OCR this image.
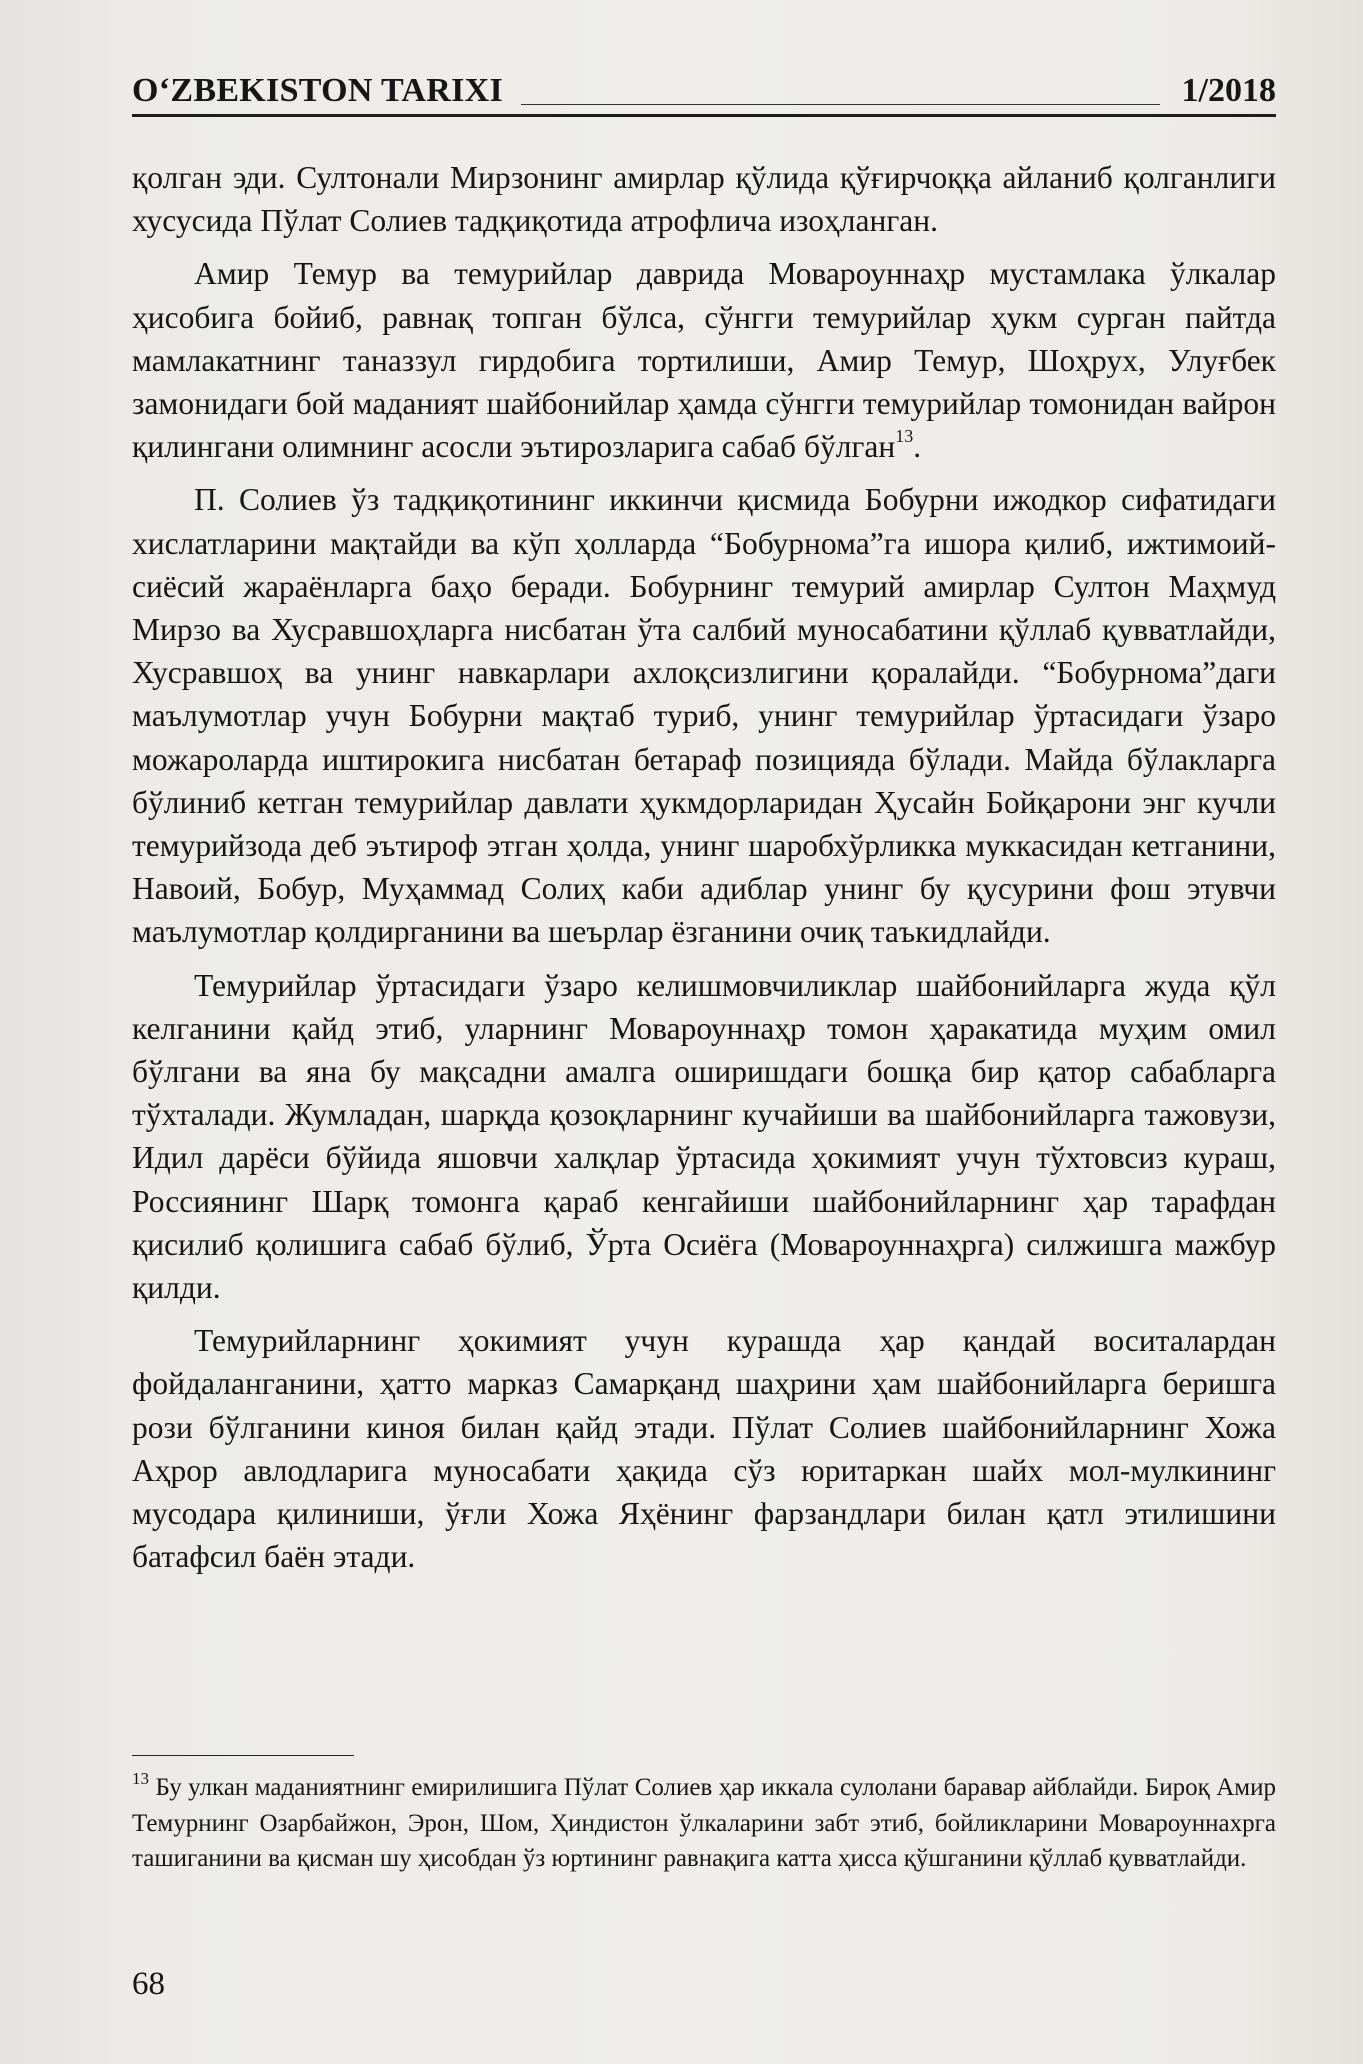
O‘ZBEKISTON TARIXI	1/2018

қолган эди. Султонали Мирзонинг амирлар қўлида қўғирчоққа айланиб қолганлиги хусусида Пўлат Солиев тадқиқотида атрофлича изоҳланган.

Амир Темур ва темурийлар даврида Мовароуннаҳр мустамлака ўлкалар ҳисобига бойиб, равнақ топган бўлса, сўнгги темурийлар ҳукм сурган пайтда мамлакатнинг таназзул гирдобига тортилиши, Амир Темур, Шоҳрух, Улуғбек замонидаги бой маданият шайбонийлар ҳамда сўнгги темурийлар томонидан вайрон қилингани олимнинг асосли эътирозларига сабаб бўлган$^{13}$.

П. Солиев ўз тадқиқотининг иккинчи қисмида Бобурни ижодкор сифатидаги хислатларини мақтайди ва кўп ҳолларда “Бобурнома”га ишора қилиб, ижтимоий-сиёсий жараёнларга баҳо беради. Бобурнинг темурий амирлар Султон Маҳмуд Мирзо ва Хусравшоҳларга нисбатан ўта салбий муносабатини қўллаб қувватлайди, Хусравшоҳ ва унинг навкарлари ахлоқсизлигини қоралайди. “Бобурнома”даги маълумотлар учун Бобурни мақтаб туриб, унинг темурийлар ўртасидаги ўзаро можароларда иштирокига нисбатан бетараф позицияда бўлади. Майда бўлакларга бўлиниб кетган темурийлар давлати ҳукмдорларидан Ҳусайн Бойқарони энг кучли темурийзода деб эътироф этган ҳолда, унинг шаробхўрликка муккасидан кетганини, Навоий, Бобур, Муҳаммад Солиҳ каби адиблар унинг бу қусурини фош этувчи маълумотлар қолдирганини ва шеърлар ёзганини очиқ таъкидлайди.

Темурийлар ўртасидаги ўзаро келишмовчиликлар шайбонийларга жуда қўл келганини қайд этиб, уларнинг Мовароуннаҳр томон ҳаракатида муҳим омил бўлгани ва яна бу мақсадни амалга оширишдаги бошқа бир қатор сабабларга тўхталади. Жумладан, шарқда қозоқларнинг кучайиши ва шайбонийларга тажовузи, Идил дарёси бўйида яшовчи халқлар ўртасида ҳокимият учун тўхтовсиз кураш, Россиянинг Шарқ томонга қараб кенгайиши шайбонийларнинг ҳар тарафдан қисилиб қолишига сабаб бўлиб, Ўрта Осиёга (Мовароуннаҳрга) силжишга мажбур қилди.

Темурийларнинг ҳокимият учун курашда ҳар қандай воситалардан фойдаланганини, ҳатто марказ Самарқанд шаҳрини ҳам шайбонийларга беришга рози бўлганини киноя билан қайд этади. Пўлат Солиев шайбонийларнинг Хожа Аҳрор авлодларига муносабати ҳақида сўз юритаркан шайх мол-мулкининг мусодара қилиниши, ўғли Хожа Яҳёнинг фарзандлари билан қатл этилишини батафсил баён этади.

$^{13}$ Бу улкан маданиятнинг емирилишига Пўлат Солиев ҳар иккала сулолани баравар айблайди. Бироқ Амир Темурнинг Озарбайжон, Эрон, Шом, Ҳиндистон ўлкаларини забт этиб, бойликларини Мовароуннахрга ташиганини ва қисман шу ҳисобдан ўз юртининг равнақига катта ҳисса қўшганини қўллаб қувватлайди.
68
